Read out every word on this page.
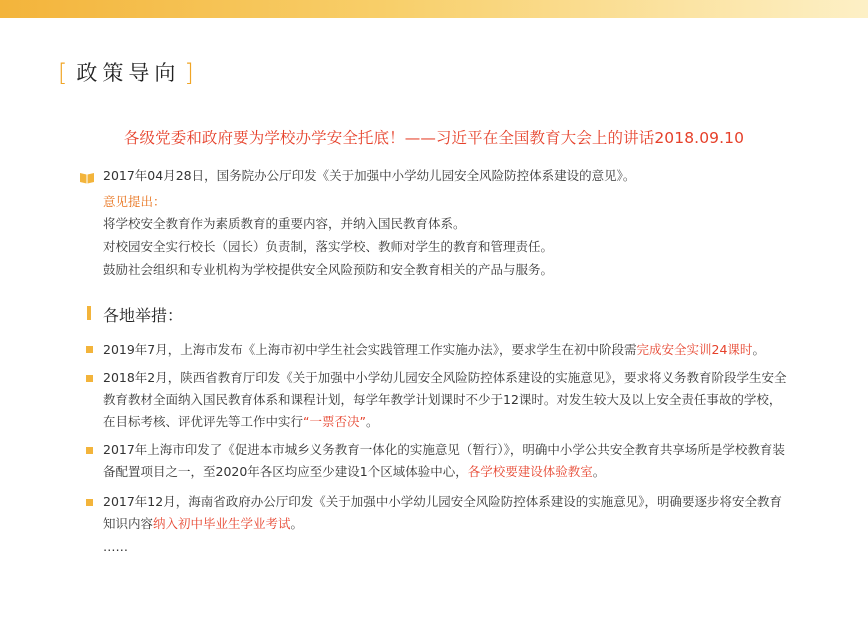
[ 政策导向 ]
各级党委和政府要为学校办学安全托底！——习近平在全国教育大会上的讲话2018.09.10
2017年04月28日，国务院办公厅印发《关于加强中小学幼儿园安全风险防控体系建设的意见》。
意见提出：
将学校安全教育作为素质教育的重要内容，并纳入国民教育体系。
对校园安全实行校长（园长）负责制，落实学校、教师对学生的教育和管理责任。
鼓励社会组织和专业机构为学校提供安全风险预防和安全教育相关的产品与服务。
各地举措：
2019年7月，上海市发布《上海市初中学生社会实践管理工作实施办法》，要求学生在初中阶段需完成安全实训24课时。
2018年2月，陕西省教育厅印发《关于加强中小学幼儿园安全风险防控体系建设的实施意见》，要求将义务教育阶段学生安全教育教材全面纳入国民教育体系和课程计划，每学年教学计划课时不少于12课时。对发生较大及以上安全责任事故的学校，在目标考核、评优评先等工作中实行“一票否决”。
2017年上海市印发了《促进本市城乡义务教育一体化的实施意见（暂行）》，明确中小学公共安全教育共享场所是学校教育装备配置项目之一，至2020年各区均应至少建设1个区域体验中心，各学校要建设体验教室。
2017年12月，海南省政府办公厅印发《关于加强中小学幼儿园安全风险防控体系建设的实施意见》，明确要逐步将安全教育知识内容纳入初中毕业生学业考试。
……
